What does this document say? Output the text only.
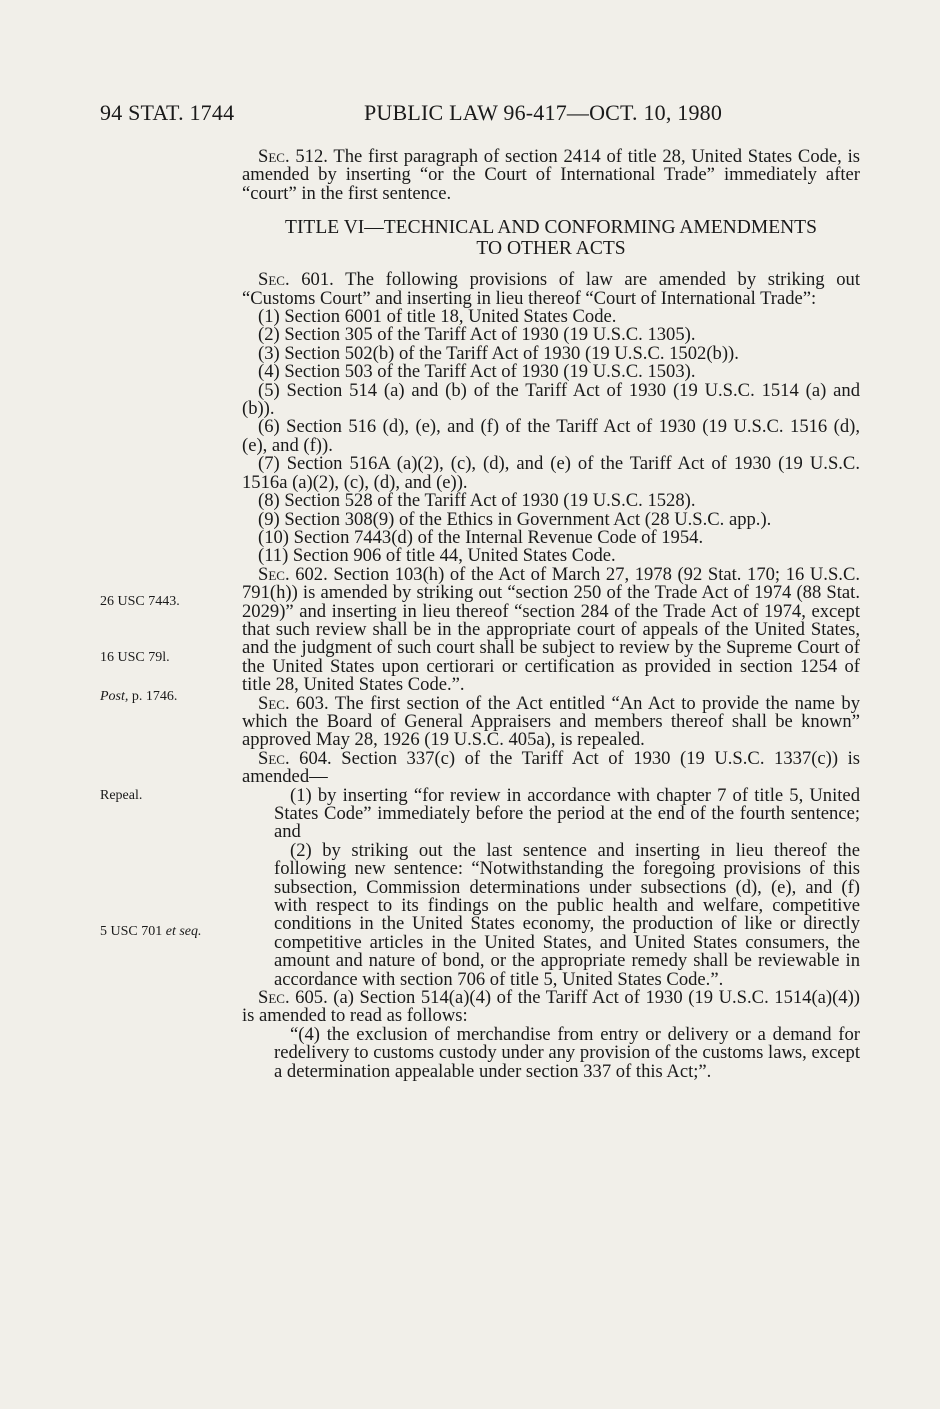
94 STAT. 1744	PUBLIC LAW 96-417—OCT. 10, 1980
26 USC 7443.
16 USC 79l.
Post, p. 1746.
Repeal.
5 USC 701 et seq.

Sec. 512. The first paragraph of section 2414 of title 28, United States Code, is amended by inserting “or the Court of International Trade” immediately after “court” in the first sentence.

TITLE VI—TECHNICAL AND CONFORMING AMENDMENTS
TO OTHER ACTS

Sec. 601. The following provisions of law are amended by striking out “Customs Court” and inserting in lieu thereof “Court of International Trade”:

(1) Section 6001 of title 18, United States Code.

(2) Section 305 of the Tariff Act of 1930 (19 U.S.C. 1305).

(3) Section 502(b) of the Tariff Act of 1930 (19 U.S.C. 1502(b)).

(4) Section 503 of the Tariff Act of 1930 (19 U.S.C. 1503).

(5) Section 514 (a) and (b) of the Tariff Act of 1930 (19 U.S.C. 1514 (a) and (b)).

(6) Section 516 (d), (e), and (f) of the Tariff Act of 1930 (19 U.S.C. 1516 (d), (e), and (f)).

(7) Section 516A (a)(2), (c), (d), and (e) of the Tariff Act of 1930 (19 U.S.C. 1516a (a)(2), (c), (d), and (e)).

(8) Section 528 of the Tariff Act of 1930 (19 U.S.C. 1528).

(9) Section 308(9) of the Ethics in Government Act (28 U.S.C. app.).

(10) Section 7443(d) of the Internal Revenue Code of 1954.

(11) Section 906 of title 44, United States Code.

Sec. 602. Section 103(h) of the Act of March 27, 1978 (92 Stat. 170; 16 U.S.C. 791(h)) is amended by striking out “section 250 of the Trade Act of 1974 (88 Stat. 2029)” and inserting in lieu thereof “section 284 of the Trade Act of 1974, except that such review shall be in the appropriate court of appeals of the United States, and the judgment of such court shall be subject to review by the Supreme Court of the United States upon certiorari or certification as provided in section 1254 of title 28, United States Code.”.

Sec. 603. The first section of the Act entitled “An Act to provide the name by which the Board of General Appraisers and members thereof shall be known” approved May 28, 1926 (19 U.S.C. 405a), is repealed.

Sec. 604. Section 337(c) of the Tariff Act of 1930 (19 U.S.C. 1337(c)) is amended—

(1) by inserting “for review in accordance with chapter 7 of title 5, United States Code” immediately before the period at the end of the fourth sentence; and

(2) by striking out the last sentence and inserting in lieu thereof the following new sentence: “Notwithstanding the foregoing provisions of this subsection, Commission determinations under subsections (d), (e), and (f) with respect to its findings on the public health and welfare, competitive conditions in the United States economy, the production of like or directly competitive articles in the United States, and United States consumers, the amount and nature of bond, or the appropriate remedy shall be reviewable in accordance with section 706 of title 5, United States Code.”.

Sec. 605. (a) Section 514(a)(4) of the Tariff Act of 1930 (19 U.S.C. 1514(a)(4)) is amended to read as follows:

“(4) the exclusion of merchandise from entry or delivery or a demand for redelivery to customs custody under any provision of the customs laws, except a determination appealable under section 337 of this Act;”.
